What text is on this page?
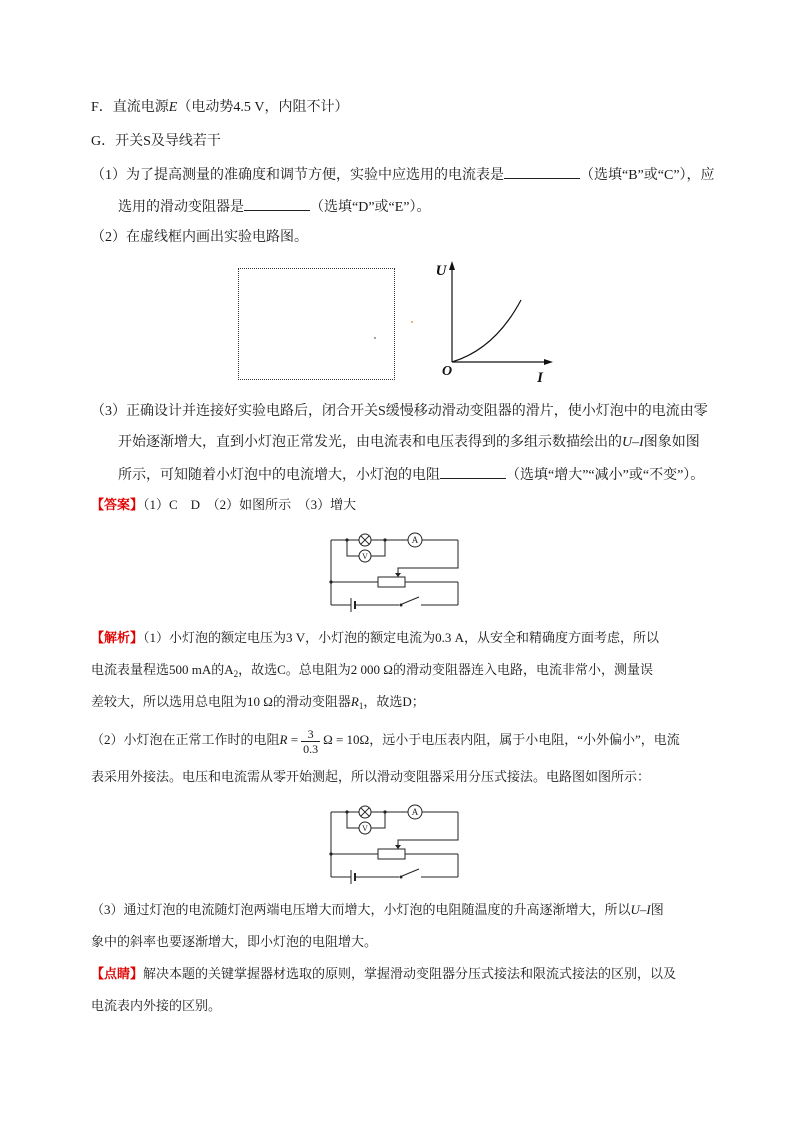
F．直流电源E（电动势4.5 V，内阻不计）
G．开关S及导线若干
（1）为了提高测量的准确度和调节方便，实验中应选用的电流表是	（选填“B”或“C”），应
选用的滑动变阻器是	（选填“D”或“E”）。
（2）在虚线框内画出实验电路图。
U
O	I
（3）正确设计并连接好实验电路后，闭合开关S缓慢移动滑动变阻器的滑片，使小灯泡中的电流由零
开始逐渐增大，直到小灯泡正常发光，由电流表和电压表得到的多组示数描绘出的U–I图象如图
所示，可知随着小灯泡中的电流增大，小灯泡的电阻	（选填“增大”“减小”或“不变”）。
【答案】（1）C　D　（2）如图所示　（3）增大
A
V
【解析】（1）小灯泡的额定电压为3 V，小灯泡的额定电流为0.3 A，从安全和精确度方面考虑，所以
电流表量程选500 mA的$A_2$，故选C。总电阻为2 000 Ω的滑动变阻器连入电路，电流非常小，测量误
差较大，所以选用总电阻为10 Ω的滑动变阻器$R_1$，故选D；
（2）小灯泡在正常工作时的电阻$R = \frac{3}{0.3}$ Ω = 10Ω，远小于电压表内阻，属于小电阻，“小外偏小”，电流
表采用外接法。电压和电流需从零开始测起，所以滑动变阻器采用分压式接法。电路图如图所示：
A
V
（3）通过灯泡的电流随灯泡两端电压增大而增大，小灯泡的电阻随温度的升高逐渐增大，所以U–I图
象中的斜率也要逐渐增大，即小灯泡的电阻增大。
【点睛】解决本题的关键掌握器材选取的原则，掌握滑动变阻器分压式接法和限流式接法的区别，以及
电流表内外接的区别。
